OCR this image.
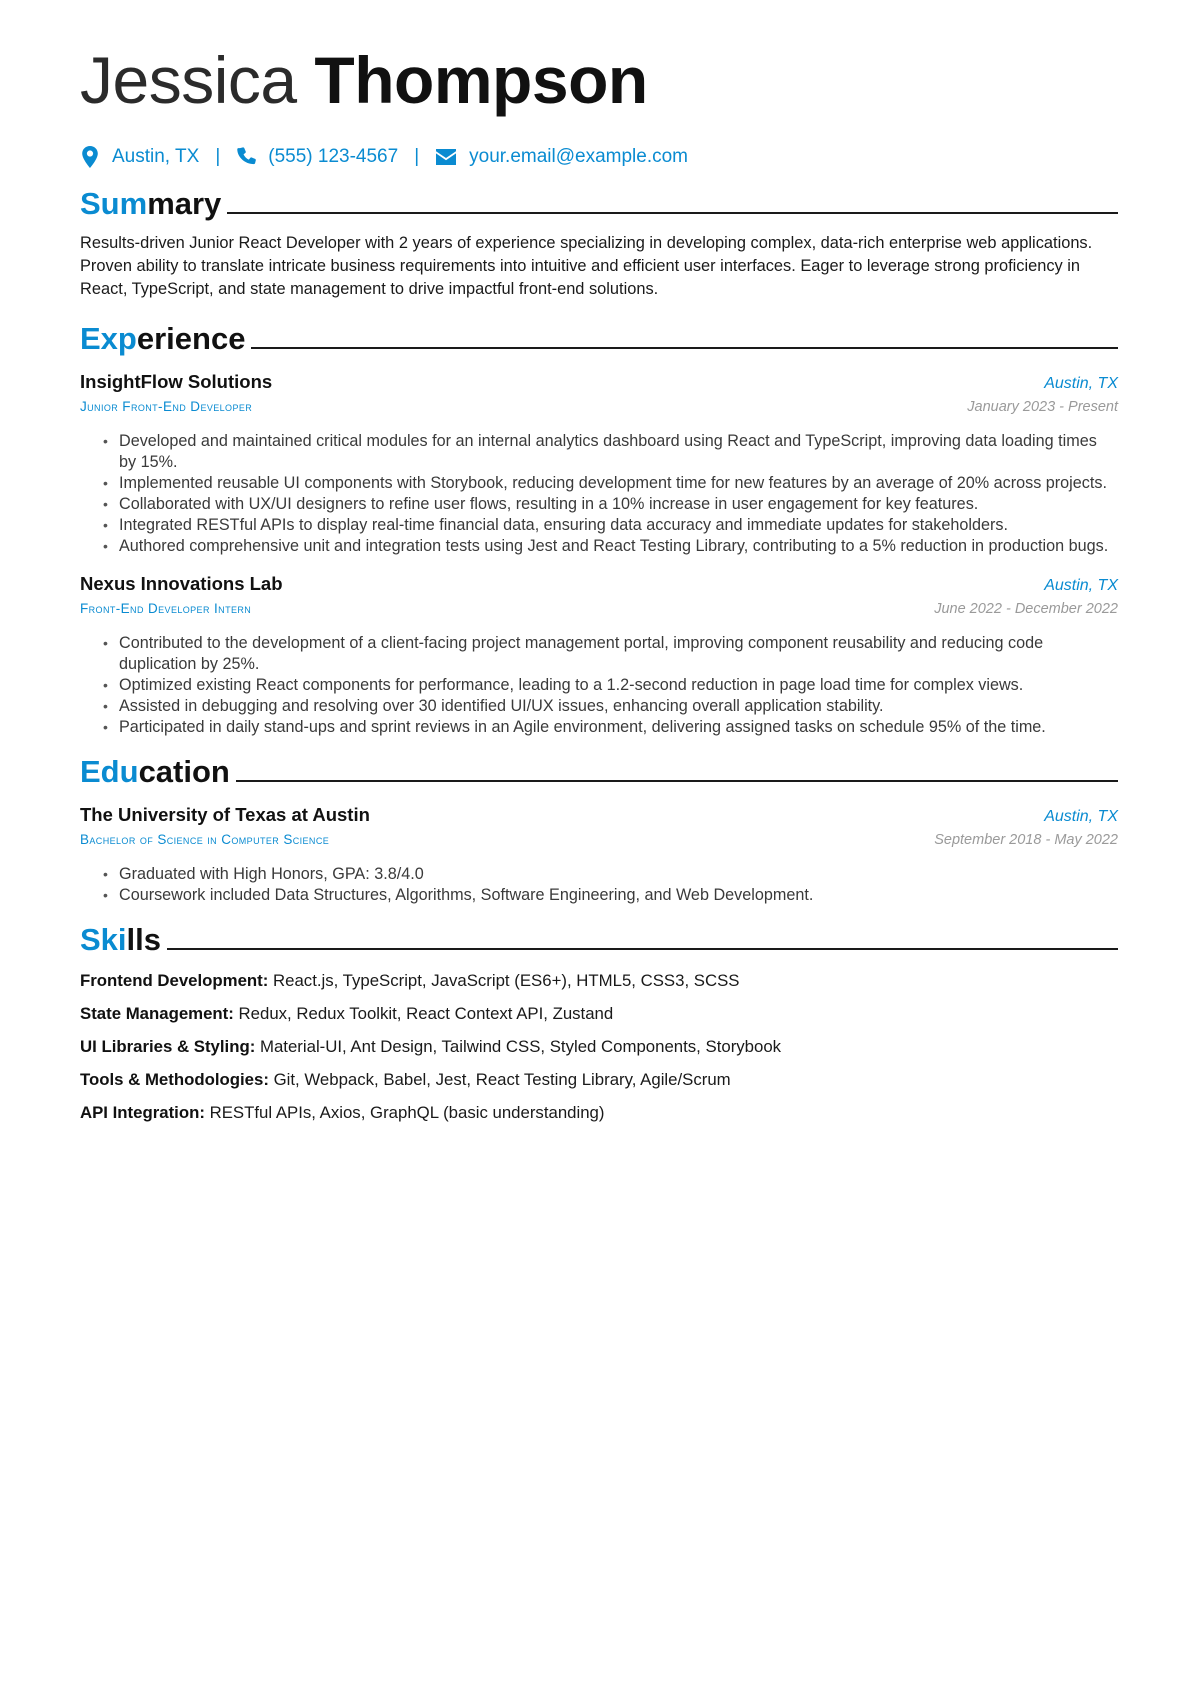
Jessica Thompson
Austin, TX |	(555) 123-4567 |	your.email@example.com
Summary

Results-driven Junior React Developer with 2 years of experience specializing in developing complex, data-rich enterprise web applications. Proven ability to translate intricate business requirements into intuitive and efficient user interfaces. Eager to leverage strong proficiency in React, TypeScript, and state management to drive impactful front-end solutions.

Experience
InsightFlow Solutions	Austin, TX
Junior Front-End Developer	January 2023 - Present
• Developed and maintained critical modules for an internal analytics dashboard using React and TypeScript, improving data loading times by 15%.
• Implemented reusable UI components with Storybook, reducing development time for new features by an average of 20% across projects.
• Collaborated with UX/UI designers to refine user flows, resulting in a 10% increase in user engagement for key features.
• Integrated RESTful APIs to display real-time financial data, ensuring data accuracy and immediate updates for stakeholders.
• Authored comprehensive unit and integration tests using Jest and React Testing Library, contributing to a 5% reduction in production bugs.
Nexus Innovations Lab	Austin, TX
Front-End Developer Intern	June 2022 - December 2022
• Contributed to the development of a client-facing project management portal, improving component reusability and reducing code duplication by 25%.
• Optimized existing React components for performance, leading to a 1.2-second reduction in page load time for complex views.
• Assisted in debugging and resolving over 30 identified UI/UX issues, enhancing overall application stability.
• Participated in daily stand-ups and sprint reviews in an Agile environment, delivering assigned tasks on schedule 95% of the time.
Education
The University of Texas at Austin	Austin, TX
Bachelor of Science in Computer Science	September 2018 - May 2022
• Graduated with High Honors, GPA: 3.8/4.0
• Coursework included Data Structures, Algorithms, Software Engineering, and Web Development.
Skills
Frontend Development: React.js, TypeScript, JavaScript (ES6+), HTML5, CSS3, SCSS
State Management: Redux, Redux Toolkit, React Context API, Zustand
UI Libraries & Styling: Material-UI, Ant Design, Tailwind CSS, Styled Components, Storybook
Tools & Methodologies: Git, Webpack, Babel, Jest, React Testing Library, Agile/Scrum
API Integration: RESTful APIs, Axios, GraphQL (basic understanding)
